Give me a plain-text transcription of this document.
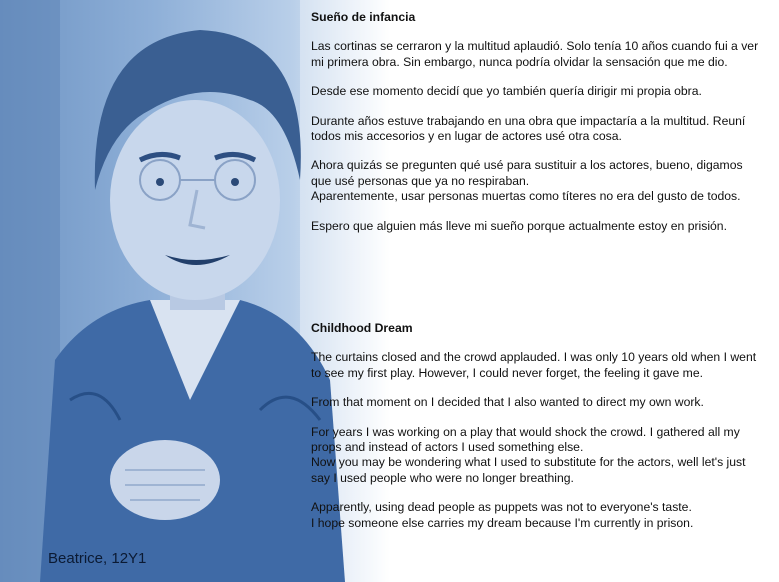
Beatrice, 12Y1
Sueño de infancia

Las cortinas se cerraron y la multitud aplaudió. Solo tenía 10 años cuando fui a ver mi primera obra. Sin embargo, nunca podría olvidar la sensación que me dio.

Desde ese momento decidí que yo también quería dirigir mi propia obra.

Durante años estuve trabajando en una obra que impactaría a la multitud. Reuní todos mis accesorios y en lugar de actores usé otra cosa.

Ahora quizás se pregunten qué usé para sustituir a los actores, bueno, digamos que usé personas que ya no respiraban.

Aparentemente, usar personas muertas como títeres no era del gusto de todos.

Espero que alguien más lleve mi sueño porque actualmente estoy en prisión.

Childhood Dream

The curtains closed and the crowd applauded. I was only 10 years old when I went to see my first play. However, I could never forget, the feeling it gave me.

From that moment on I decided that I also wanted to direct my own work.

For years I was working on a play that would shock the crowd. I gathered all my props and instead of actors I used something else.

Now you may be wondering what I used to substitute for the actors, well let's just say I used people who were no longer breathing.

Apparently, using dead people as puppets was not to everyone's taste.

I hope someone else carries my dream because I'm currently in prison.
